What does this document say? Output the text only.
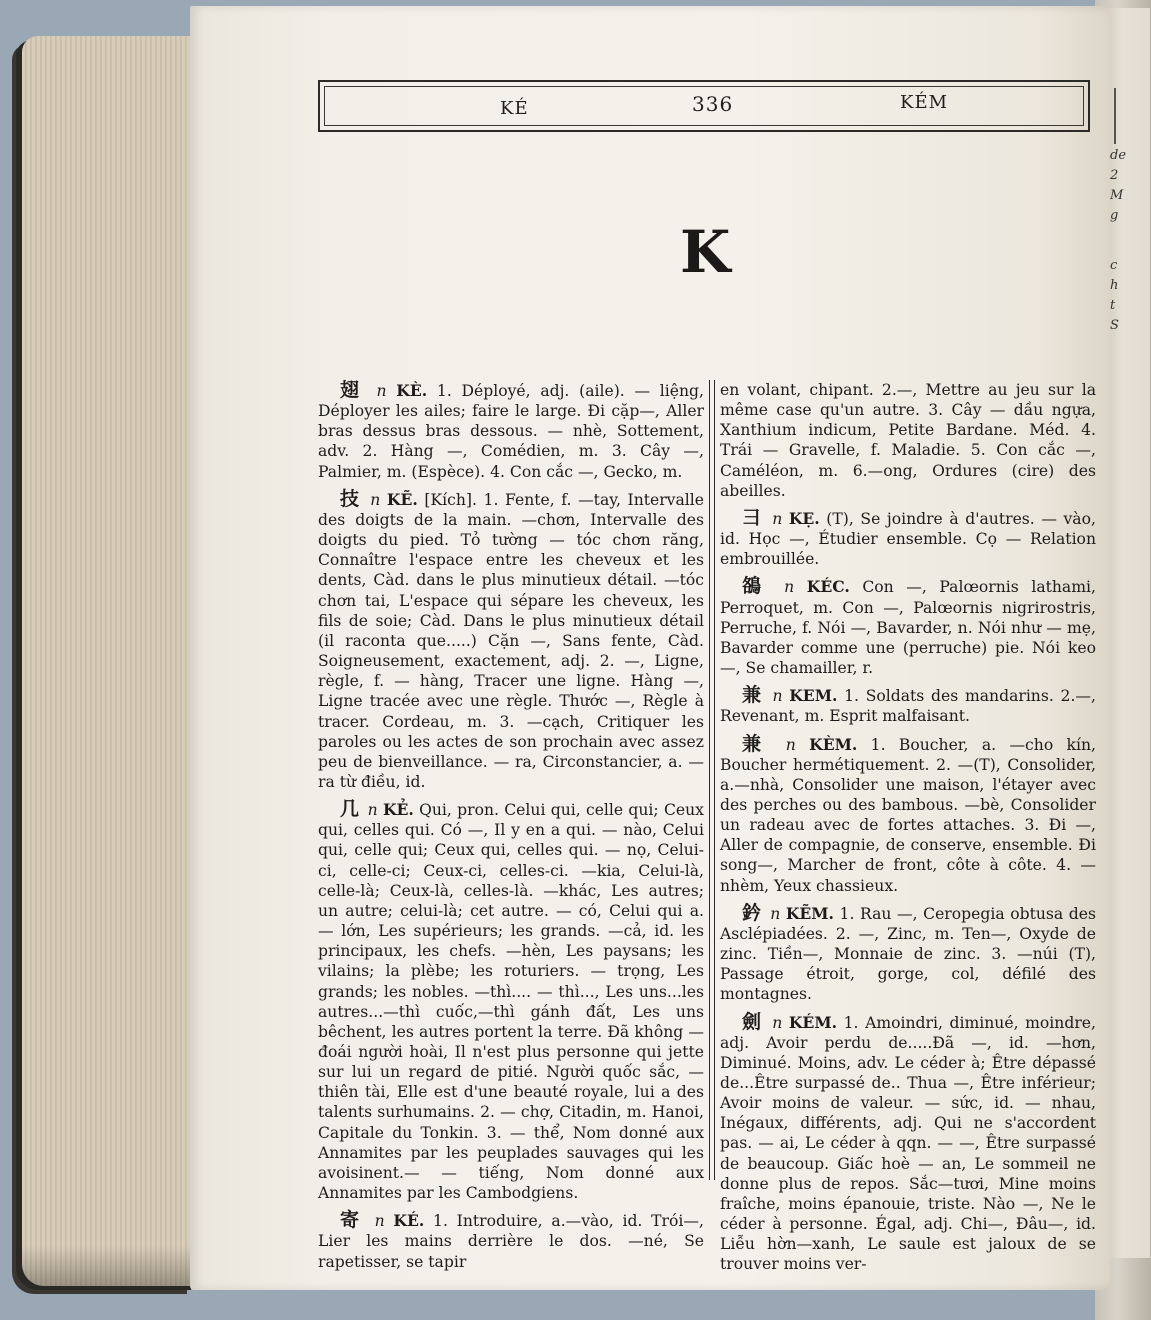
de
2
M
g
c
h
t
S
KÉ	336	KÉM
K

翅 n KÈ. 1. Déployé, adj. (aile). — liệng, Déployer les ailes; faire le large. Đi cặp—, Aller bras dessus bras dessous. — nhè, Sottement, adv. 2. Hàng —, Comédien, m. 3. Cây —, Palmier, m. (Espèce). 4. Con cắc —, Gecko, m.

技 n KẼ. [Kích]. 1. Fente, f. —tay, Intervalle des doigts de la main. —chơn, Intervalle des doigts du pied. Tỏ tường — tóc chơn răng, Connaître l'espace entre les cheveux et les dents, Càd. dans le plus minutieux détail. —tóc chơn tai, L'espace qui sépare les cheveux, les fils de soie; Càd. Dans le plus minutieux détail (il raconta que.....) Cặn —, Sans fente, Càd. Soigneusement, exactement, adj. 2. —, Ligne, règle, f. — hàng, Tracer une ligne. Hàng —, Ligne tracée avec une règle. Thước —, Règle à tracer. Cordeau, m. 3. —cạch, Critiquer les paroles ou les actes de son prochain avec assez peu de bienveillance. — ra, Circonstancier, a. — ra từ điều, id.

几 n KẺ. Qui, pron. Celui qui, celle qui; Ceux qui, celles qui. Có —, Il y en a qui. — nào, Celui qui, celle qui; Ceux qui, celles qui. — nọ, Celui-ci, celle-ci; Ceux-ci, celles-ci. —kia, Celui-là, celle-là; Ceux-là, celles-là. —khác, Les autres; un autre; celui-là; cet autre. — có, Celui qui a. — lớn, Les supérieurs; les grands. —cả, id. les principaux, les chefs. —hèn, Les paysans; les vilains; la plèbe; les roturiers. — trọng, Les grands; les nobles. —thì.... — thì..., Les uns...les autres...—thì cuốc,—thì gánh đất, Les uns bêchent, les autres portent la terre. Đã không — đoái người hoài, Il n'est plus personne qui jette sur lui un regard de pitié. Người quốc sắc, — thiên tài, Elle est d'une beauté royale, lui a des talents surhumains. 2. — chợ, Citadin, m. Hanoi, Capitale du Tonkin. 3. — thể, Nom donné aux Annamites par les peuplades sauvages qui les avoisinent.— — tiếng, Nom donné aux Annamites par les Cambodgiens.

寄 n KÉ. 1. Introduire, a.—vào, id. Trói—, Lier les mains derrière le dos. —né, Se rapetisser, se tapir

en volant, chipant. 2.—, Mettre au jeu sur la même case qu'un autre. 3. Cây — dầu ngựa, Xanthium indicum, Petite Bardane. Méd. 4. Trái — Gravelle, f. Maladie. 5. Con cắc —, Caméléon, m. 6.—ong, Ordures (cire) des abeilles.

彐 n KẸ. (T), Se joindre à d'autres. — vào, id. Học —, Étudier ensemble. Cọ — Relation embrouillée.

鵅 n KÉC. Con —, Palœornis lathami, Perroquet, m. Con —, Palœornis nigrirostris, Perruche, f. Nói —, Bavarder, n. Nói như — mẹ, Bavarder comme une (perruche) pie. Nói keo —, Se chamailler, r.

兼 n KEM. 1. Soldats des mandarins. 2.—, Revenant, m. Esprit malfaisant.

兼 n KÈM. 1. Boucher, a. —cho kín, Boucher hermétiquement. 2. —(T), Consolider, a.—nhà, Consolider une maison, l'étayer avec des perches ou des bambous. —bè, Consolider un radeau avec de fortes attaches. 3. Đi —, Aller de compagnie, de conserve, ensemble. Đi song—, Marcher de front, côte à côte. 4. —nhèm, Yeux chassieux.

鈐 n KẼM. 1. Rau —, Ceropegia obtusa des Asclépiadées. 2. —, Zinc, m. Ten—, Oxyde de zinc. Tiền—, Monnaie de zinc. 3. —núi (T), Passage étroit, gorge, col, défilé des montagnes.

劍 n KÉM. 1. Amoindri, diminué, moindre, adj. Avoir perdu de.....Đã —, id. —hơn, Diminué. Moins, adv. Le céder à; Être dépassé de...Être surpassé de.. Thua —, Être inférieur; Avoir moins de valeur. — sức, id. — nhau, Inégaux, différents, adj. Qui ne s'accordent pas. — ai, Le céder à qqn. — —, Être surpassé de beaucoup. Giấc hoè — an, Le sommeil ne donne plus de repos. Sắc—tươi, Mine moins fraîche, moins épanouie, triste. Nào —, Ne le céder à personne. Égal, adj. Chi—, Đâu—, id. Liễu hờn—xanh, Le saule est jaloux de se trouver moins ver-
